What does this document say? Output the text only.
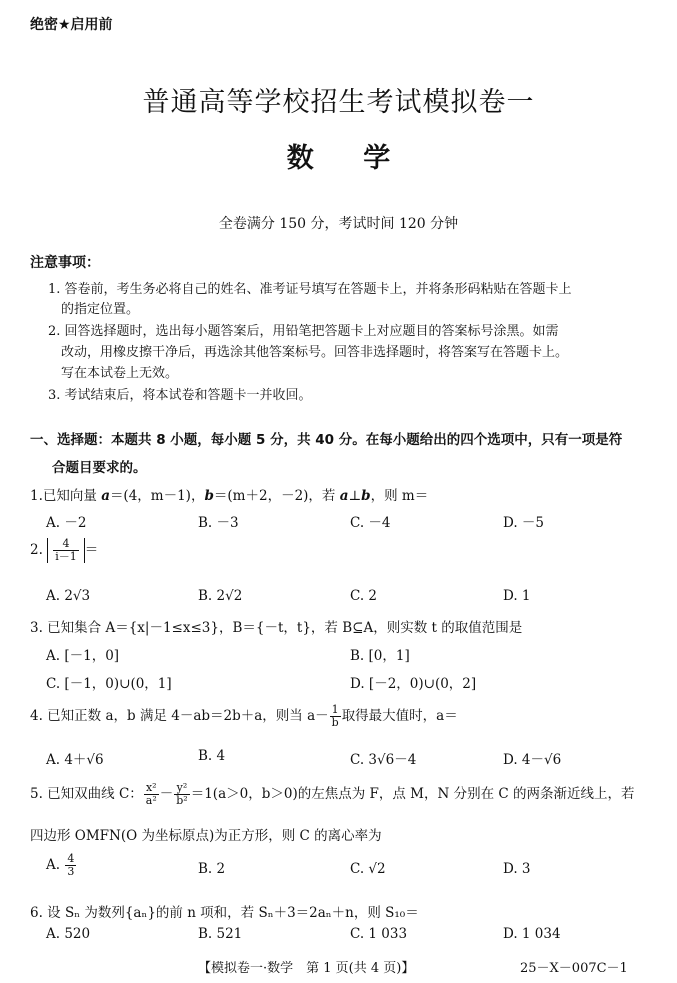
绝密★启用前
普通高等学校招生考试模拟卷一
数 学
全卷满分 150 分，考试时间 120 分钟
注意事项：
1. 答卷前，考生务必将自己的姓名、准考证号填写在答题卡上，并将条形码粘贴在答题卡上
的指定位置。
2. 回答选择题时，选出每小题答案后，用铅笔把答题卡上对应题目的答案标号涂黑。如需
改动，用橡皮擦干净后，再选涂其他答案标号。回答非选择题时，将答案写在答题卡上。
写在本试卷上无效。
3. 考试结束后，将本试卷和答题卡一并收回。
一、选择题：本题共 8 小题，每小题 5 分，共 40 分。在每小题给出的四个选项中，只有一项是符
合题目要求的。
1.已知向量 a＝(4，m－1)，b＝(m＋2，－2)，若 a⊥b，则 m＝
A. －2	B. －3	C. －4	D. －5
2. $\frac{4}{i-1}$ ＝
A. 2√3	B. 2√2	C. 2	D. 1
3. 已知集合 A＝{x|－1≤x≤3}，B＝{－t，t}，若 B⊆A，则实数 t 的取值范围是
A. [－1，0]	B. [0，1]
C. [－1，0)∪(0，1]	D. [－2，0)∪(0，2]
4. 已知正数 a，b 满足 4－ab＝2b＋a，则当 $a- \frac{1}{b}$ 取得最大值时，a＝
A. 4＋√6	B. 4	C. 3√6－4	D. 4－√6
5. 已知双曲线 C： $\frac{\text{x²}}{\text{a²}} - \frac{\text{y²}}{\text{b²}} =1(a>0$，b＞0)的左焦点为 F，点 M，N 分别在 C 的两条渐近线上，若
四边形 OMFN(O 为坐标原点)为正方形，则 C 的离心率为
A. $\frac{4}{3}$	B. 2	C. √2	D. 3
6. 设 Sₙ 为数列{aₙ}的前 n 项和，若 Sₙ＋3＝2aₙ＋n，则 S₁₀＝
A. 520	B. 521	C. 1 033	D. 1 034
【模拟卷一·数学　第 1 页(共 4 页)】	25－X－007C－1
